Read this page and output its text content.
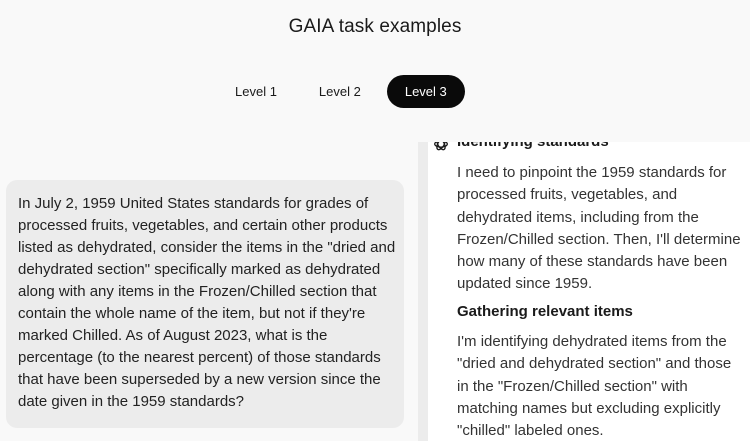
In July 2, 1959 United States standards for grades of processed fruits, vegetables, and certain other products listed as dehydrated, consider the items in the "dried and dehydrated section" specifically marked as dehydrated along with any items in the Frozen/Chilled section that contain the whole name of the item, but not if they're marked Chilled. As of August 2023, what is the percentage (to the nearest percent) of those standards that have been superseded by a new version since the date given in the 1959 standards?
I need to pinpoint the 1959 standards for processed fruits, vegetables, and dehydrated items, including from the Frozen/Chilled section. Then, I'll determine how many of these standards have been updated since 1959.
Gathering relevant items
I'm identifying dehydrated items from the "dried and dehydrated section" and those in the "Frozen/Chilled section" with matching names but excluding explicitly "chilled" labeled ones.
GAIA task examples
Level 1	Level 2	Level 3
